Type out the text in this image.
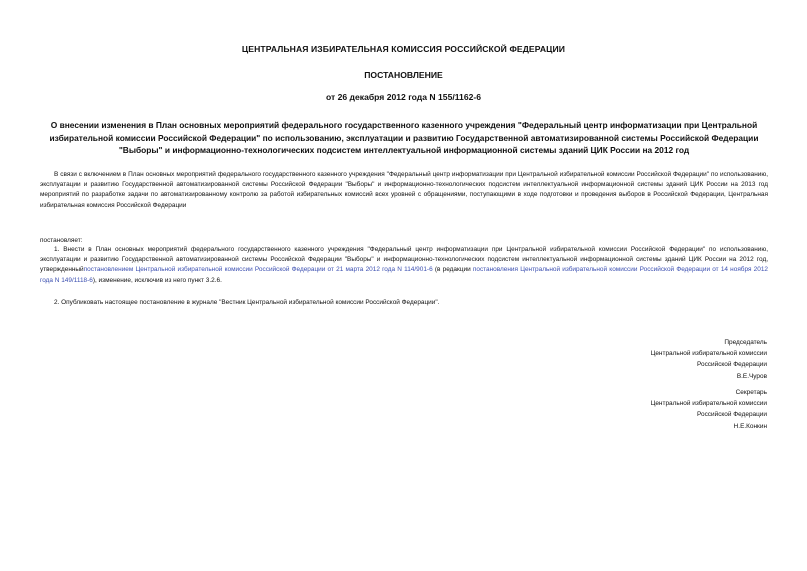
ЦЕНТРАЛЬНАЯ ИЗБИРАТЕЛЬНАЯ КОМИССИЯ РОССИЙСКОЙ ФЕДЕРАЦИИ
ПОСТАНОВЛЕНИЕ
от 26 декабря 2012 года N 155/1162-6
О внесении изменения в План основных мероприятий федерального государственного казенного учреждения "Федеральный центр информатизации при Центральной избирательной комиссии Российской Федерации" по использованию, эксплуатации и развитию Государственной автоматизированной системы Российской Федерации "Выборы" и информационно-технологических подсистем интеллектуальной информационной системы зданий ЦИК России на 2012 год
В связи с включением в План основных мероприятий федерального государственного казенного учреждения "Федеральный центр информатизации при Центральной избирательной комиссии Российской Федерации" по использованию, эксплуатации и развитию Государственной автоматизированной системы Российской Федерации "Выборы" и информационно-технологических подсистем интеллектуальной информационной системы зданий ЦИК России на 2013 год мероприятий по разработке задачи по автоматизированному контролю за работой избирательных комиссий всех уровней с обращениями, поступающими в ходе подготовки и проведения выборов в Российской Федерации, Центральная избирательная комиссия Российской Федерации
постановляет:
1. Внести в План основных мероприятий федерального государственного казенного учреждения "Федеральный центр информатизации при Центральной избирательной комиссии Российской Федерации" по использованию, эксплуатации и развитию Государственной автоматизированной системы Российской Федерации "Выборы" и информационно-технологических подсистем интеллектуальной информационной системы зданий ЦИК России на 2012 год, утвержденныйпостановлением Центральной избирательной комиссии Российской Федерации от 21 марта 2012 года N 114/901-6 (в редакции постановления Центральной избирательной комиссии Российской Федерации от 14 ноября 2012 года N 149/1118-6), изменение, исключив из него пункт 3.2.6.
2. Опубликовать настоящее постановление в журнале "Вестник Центральной избирательной комиссии Российской Федерации".
Председатель
Центральной избирательной комиссии
Российской Федерации
В.Е.Чуров
Секретарь
Центральной избирательной комиссии
Российской Федерации
Н.Е.Конкин
